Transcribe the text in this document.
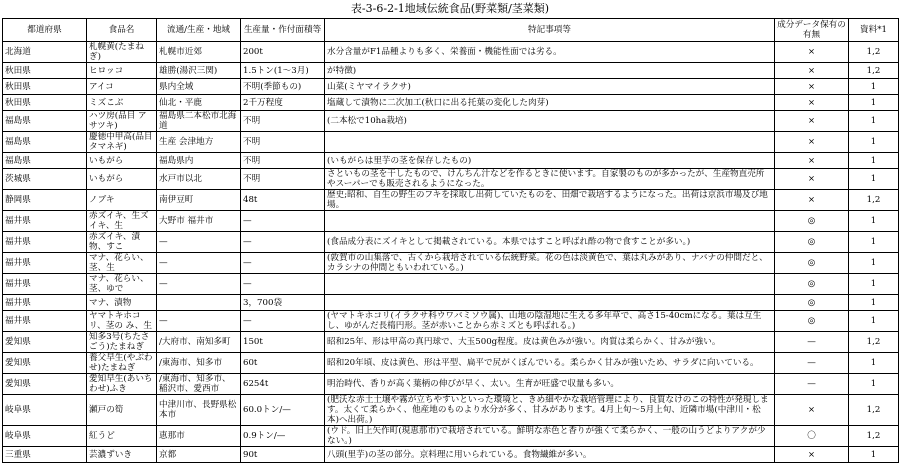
表-3-6-2-1地域伝統食品(野菜類/茎菜類)
都道府県	食品名	流通/生産・地域	生産量・作付面積等	特記事項等	成分データ保有の有無	資料*1
北海道	札幌黄(たまねぎ)	札幌市近郊	200t	水分含量がF1品種よりも多く、栄養面・機能性面では劣る。	×	1,2
秋田県	ヒロッコ	雄勝(湯沢三関)	1.5トン(1～3月)	が特徴)	×	1,2
秋田県	アイコ	県内全域	不明(季節もの)	山菜(ミヤマイラクサ)	×	1
秋田県	ミズこぶ	仙北・平鹿	2千万程度	塩蔵して漬物に二次加工(秋口に出る托葉の変化した肉芽)	×	1
福島県	ハツ房(品目 アサツキ)	福島県二本松市北海道	不明	(二本松で10ha栽培)	×	1
福島県	慶徳中甲高(品目 タマネギ)	生産 会津地方	不明		×	1
福島県	いもがら	福島県内	不明	(いもがらは里芋の茎を保存したもの)	×	1
茨城県	いもがら	水戸市以北	不明	さといもの茎を干したもので、けんちん汁などを作るときに使います。自家製のものが多かったが、生産物直売所やスーパーでも販売されるようになった。	×	1
静岡県	ノブキ	南伊豆町	48t	歴史;昭和、自生の野生のフキを採取し出荷していたものを、田畑で栽培するようになった。出荷は京浜市場及び地場。	×	1,2
福井県	赤ズイキ、生ズイキ、生	大野市 福井市	—		◎	1
福井県	赤ズイキ、漬物、すこ	—	—	(食品成分表にズイキとして掲載されている。本県ではすこと呼ばれ酢の物で食すことが多い。)	◎	1
福井県	マナ、花らい、茎、生	—	—	(敦賀市の山集落で、古くから栽培されている伝統野菜。花の色は淡黄色で、葉は丸みがあり、ナバナの仲間だと、カラシナの仲間ともいわれている。)	◎	1
福井県	マナ、花らい、茎、ゆで	—	—		◎	1
福井県	マナ、漬物		3，700袋		◎	1
福井県	ヤマトキホコリ、茎の み、生	—	—	(ヤマトキホコリ(イラクサ科ウワバミソウ属)、山地の陰湿地に生える多年草で、高さ15-40cmになる。葉は互生し、ゆがんだ長楕円形。茎が赤いことから赤ミズとも呼ばれる。)	◎	1
愛知県	知多3号(ちたさごう)たまねぎ	/大府市、南知多町	150t	昭和25年、形は甲高の真円球で、大玉500g程度。皮は黄色みが強い。肉質は柔らかく、甘みが強い。	—	1,2
愛知県	養父早生(やぶわせ)たまねぎ	/東海市、知多市	60t	昭和20年頃、皮は黄色、形は平型、扁平で尻がくぼんでいる。柔らかく甘みが強いため、サラダに向いている。	—	1
愛知県	愛知早生(あいちわせ)ふき	/東海市、知多市、稲沢市、愛西市	6254t	明治時代、香りが高く葉柄の伸びが早く、太い。生育が旺盛で収量も多い。	—	1
岐阜県	瀬戸の筍	中津川市、長野県松本市	60.0トン/—	(肥沃な赤土土壌や霧が立ちやすいといった環境と、きめ細やかな栽培管理により、良質なけのこの特性が発現します。太くて柔らかく、他産地のものより水分が多く、甘みがあります。4月上旬～5月上旬、近隣市場(中津川・松本)へ出荷。)	×	1,2
岐阜県	紅うど	恵那市	0.9トン/—	(ウド。旧上矢作町(現恵那市)で栽培されている。鮮明な赤色と香りが強くて柔らかく、一般の山うどよりアクが少ない。)	〇	1,2
三重県	芸濃ずいき	京都	90t	八頭(里芋)の茎の部分。京料理に用いられている。食物繊維が多い。	×	1
